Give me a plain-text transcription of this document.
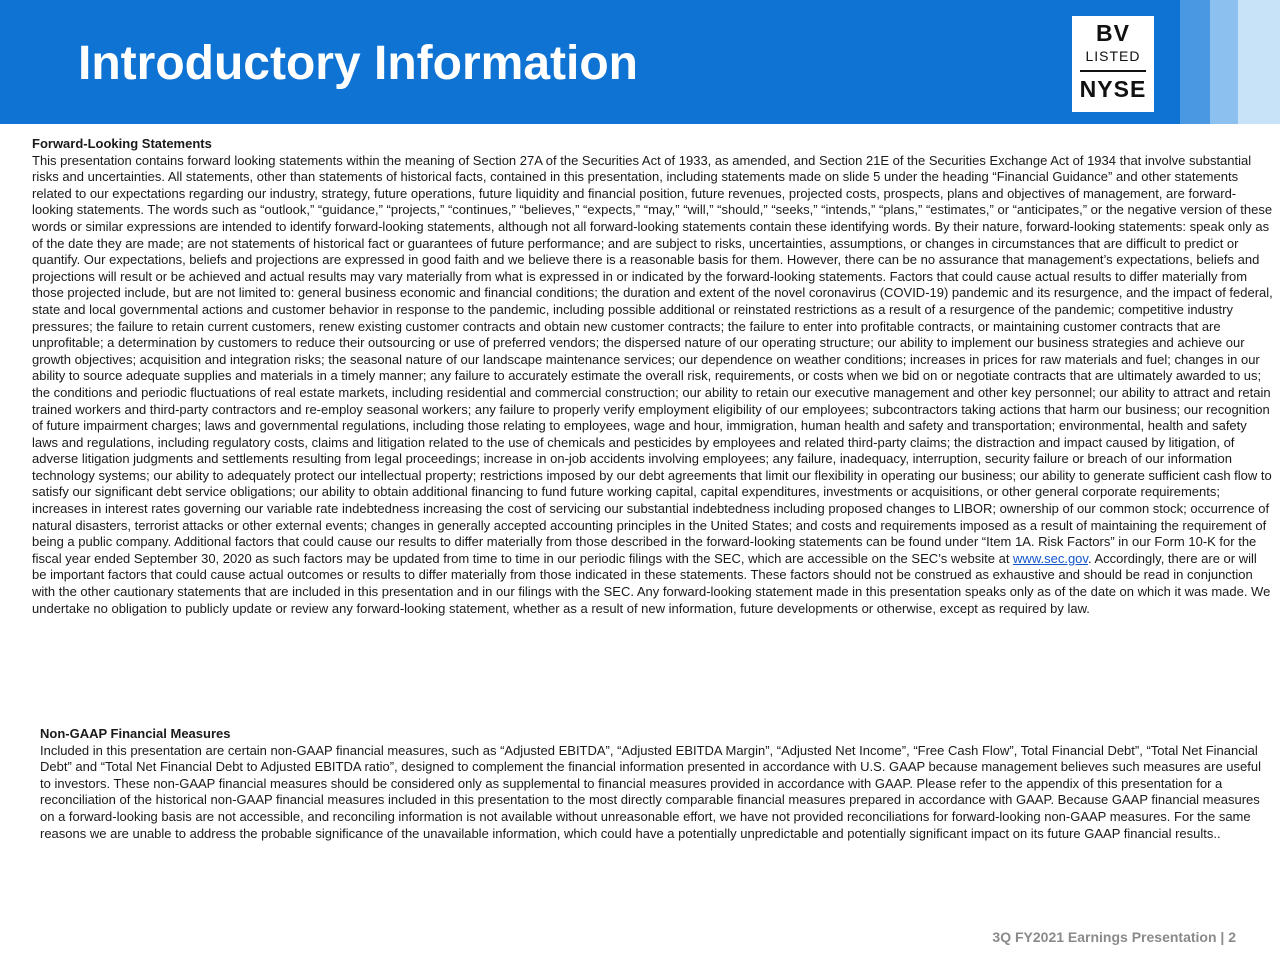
Introductory Information
BV
LISTED
NYSE
Forward-Looking Statements

This presentation contains forward looking statements within the meaning of Section 27A of the Securities Act of 1933, as amended, and Section 21E of the Securities Exchange Act of 1934 that involve substantial risks and uncertainties. All statements, other than statements of historical facts, contained in this presentation, including statements made on slide 5 under the heading “Financial Guidance” and other statements related to our expectations regarding our industry, strategy, future operations, future liquidity and financial position, future revenues, projected costs, prospects, plans and objectives of management, are forward-looking statements. The words such as “outlook,” “guidance,” “projects,” “continues,” “believes,” “expects,” “may,” “will,” “should,” “seeks,” “intends,” “plans,” “estimates,” or “anticipates,” or the negative version of these words or similar expressions are intended to identify forward-looking statements, although not all forward-looking statements contain these identifying words. By their nature, forward-looking statements: speak only as of the date they are made; are not statements of historical fact or guarantees of future performance; and are subject to risks, uncertainties, assumptions, or changes in circumstances that are difficult to predict or quantify. Our expectations, beliefs and projections are expressed in good faith and we believe there is a reasonable basis for them. However, there can be no assurance that management’s expectations, beliefs and projections will result or be achieved and actual results may vary materially from what is expressed in or indicated by the forward-looking statements. Factors that could cause actual results to differ materially from those projected include, but are not limited to: general business economic and financial conditions; the duration and extent of the novel coronavirus (COVID-19) pandemic and its resurgence, and the impact of federal, state and local governmental actions and customer behavior in response to the pandemic, including possible additional or reinstated restrictions as a result of a resurgence of the pandemic; competitive industry pressures; the failure to retain current customers, renew existing customer contracts and obtain new customer contracts; the failure to enter into profitable contracts, or maintaining customer contracts that are unprofitable; a determination by customers to reduce their outsourcing or use of preferred vendors; the dispersed nature of our operating structure; our ability to implement our business strategies and achieve our growth objectives; acquisition and integration risks; the seasonal nature of our landscape maintenance services; our dependence on weather conditions; increases in prices for raw materials and fuel; changes in our ability to source adequate supplies and materials in a timely manner; any failure to accurately estimate the overall risk, requirements, or costs when we bid on or negotiate contracts that are ultimately awarded to us; the conditions and periodic fluctuations of real estate markets, including residential and commercial construction; our ability to retain our executive management and other key personnel; our ability to attract and retain trained workers and third-party contractors and re-employ seasonal workers; any failure to properly verify employment eligibility of our employees; subcontractors taking actions that harm our business; our recognition of future impairment charges; laws and governmental regulations, including those relating to employees, wage and hour, immigration, human health and safety and transportation; environmental, health and safety laws and regulations, including regulatory costs, claims and litigation related to the use of chemicals and pesticides by employees and related third-party claims; the distraction and impact caused by litigation, of adverse litigation judgments and settlements resulting from legal proceedings; increase in on-job accidents involving employees; any failure, inadequacy, interruption, security failure or breach of our information technology systems; our ability to adequately protect our intellectual property; restrictions imposed by our debt agreements that limit our flexibility in operating our business; our ability to generate sufficient cash flow to satisfy our significant debt service obligations; our ability to obtain additional financing to fund future working capital, capital expenditures, investments or acquisitions, or other general corporate requirements; increases in interest rates governing our variable rate indebtedness increasing the cost of servicing our substantial indebtedness including proposed changes to LIBOR; ownership of our common stock; occurrence of natural disasters, terrorist attacks or other external events; changes in generally accepted accounting principles in the United States; and costs and requirements imposed as a result of maintaining the requirement of being a public company. Additional factors that could cause our results to differ materially from those described in the forward-looking statements can be found under “Item 1A. Risk Factors” in our Form 10-K for the fiscal year ended September 30, 2020 as such factors may be updated from time to time in our periodic filings with the SEC, which are accessible on the SEC’s website at www.sec.gov. Accordingly, there are or will be important factors that could cause actual outcomes or results to differ materially from those indicated in these statements. These factors should not be construed as exhaustive and should be read in conjunction with the other cautionary statements that are included in this presentation and in our filings with the SEC. Any forward-looking statement made in this presentation speaks only as of the date on which it was made. We undertake no obligation to publicly update or review any forward-looking statement, whether as a result of new information, future developments or otherwise, except as required by law.

Non-GAAP Financial Measures

Included in this presentation are certain non-GAAP financial measures, such as “Adjusted EBITDA”, “Adjusted EBITDA Margin”, “Adjusted Net Income”, “Free Cash Flow”, Total Financial Debt”, “Total Net Financial Debt” and “Total Net Financial Debt to Adjusted EBITDA ratio”, designed to complement the financial information presented in accordance with U.S. GAAP because management believes such measures are useful to investors. These non-GAAP financial measures should be considered only as supplemental to financial measures provided in accordance with GAAP. Please refer to the appendix of this presentation for a reconciliation of the historical non-GAAP financial measures included in this presentation to the most directly comparable financial measures prepared in accordance with GAAP. Because GAAP financial measures on a forward-looking basis are not accessible, and reconciling information is not available without unreasonable effort, we have not provided reconciliations for forward-looking non-GAAP measures. For the same reasons we are unable to address the probable significance of the unavailable information, which could have a potentially unpredictable and potentially significant impact on its future GAAP financial results..

3Q FY2021 Earnings Presentation | 2
